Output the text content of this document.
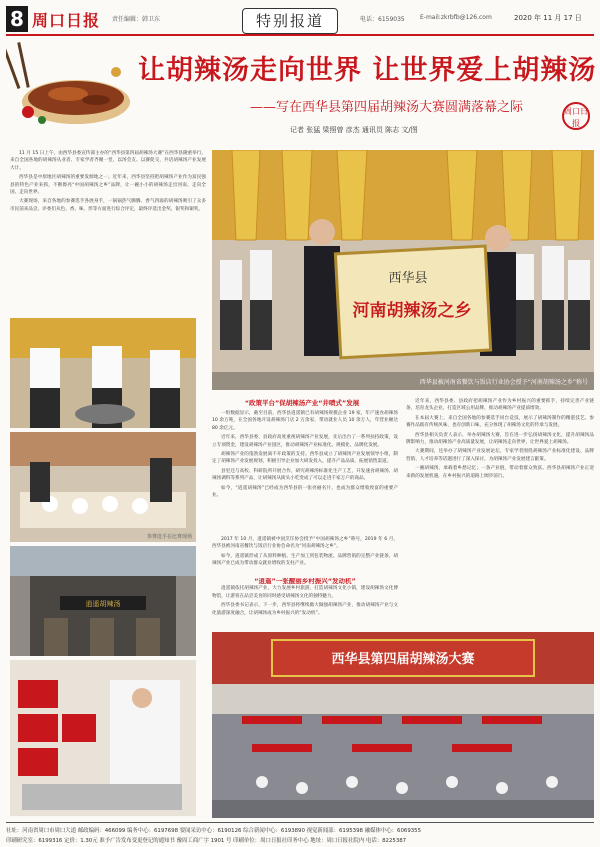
8 周口日报 责任编辑：韩卫东	特别报道	电话：6159035	E-mail:zkrbfb@126.com	2020 年 11 月 17 日
让胡辣汤走向世界 让世界爱上胡辣汤
——写在西华县第四届胡辣汤大赛圆满落幕之际
记者 张猛 梁照曾 彦杰 通讯员 陈志 文/图
周口日报

11 月 15 日上午，由西华县委宣传部主办的“西华县第四届胡辣汤大赛”在西华县隆重举行。来自全国各地的胡辣汤从业者、专家学者齐聚一堂，以汤会友、以赛促交，共话胡辣汤产业发展大计。

西华县是中原地区胡辣汤的重要发源地之一。近年来，西华县坚持把胡辣汤产业作为富民强县的特色产业来抓，不断擦亮“中国胡辣汤之乡”品牌，让一碗小小的胡辣汤走出河南、走向全国、走向世界。

大赛现场，来自各地的参赛选手各展身手，一锅锅热气腾腾、香气四溢的胡辣汤吸引了众多市民前来品尝。评委们从色、香、味、形等方面进行综合评定，最终评选出金奖、银奖和铜奖。

西华县
河南胡辣汤之乡
西华县被河南省餐饮与饭店行业协会授予“河南胡辣汤之乡”称号
参赛选手在比赛现场
逍遥胡辣汤
“政策平台”促胡辣汤产业“井喷式”发展

一组数据显示，截至目前，西华县逍遥镇已有胡辣汤规模企业 19 家，年产速食胡辣汤 10 余万吨，在全国各地开设胡辣汤门店 2 万余家，带动就业人员 10 余万人，年营业额达 80 余亿元。

近年来，西华县委、县政府高度重视胡辣汤产业发展，先后出台了一系列扶持政策，设立专项资金，建设胡辣汤产业园区，推动胡辣汤产业标准化、规模化、品牌化发展。

胡辣汤产业的蓬勃发展离不开政策的支持。西华县成立了胡辣汤产业发展领导小组，制定了胡辣汤产业发展规划，积极引导企业加大研发投入，提升产品品质，拓展销售渠道。

县里还与高校、科研院所开展合作，研究胡辣汤标准化生产工艺，开发速食胡辣汤、胡辣汤调料等系列产品，让胡辣汤从街头小吃变成了可以走进千家万户的商品。

如今，“逍遥胡辣汤”已经成为西华县的一张亮丽名片，也成为群众增收致富的重要产业。

2017 年 10 月，逍遥镇被中国烹饪协会授予“中国胡辣汤之乡”称号，2019 年 6 月，西华县被河南省餐饮与饭店行业协会命名为“河南胡辣汤之乡”。

如今，逍遥镇形成了从原料种植、生产加工到包装物流、品牌营销的完整产业链条，胡辣汤产业已成为带动群众就业增收的支柱产业。

“逍遥”一张靓丽乡村振兴“发动机”

逍遥镇依托胡辣汤产业，大力发展乡村旅游，打造胡辣汤文化小镇，建设胡辣汤文化博物馆，让游客在品尝美食的同时感受胡辣汤文化的独特魅力。

西华县委书记表示，下一步，西华县将继续做大做强胡辣汤产业，推动胡辣汤产业与文化旅游深度融合，让胡辣汤成为乡村振兴的“发动机”。

近年来，西华县委、县政府把胡辣汤产业作为乡村振兴的重要抓手，持续完善产业链条，培育龙头企业，打造区域公用品牌，推动胡辣汤产业提质增效。

在本届大赛上，来自全国各地的参赛选手同台竞技，展示了胡辣汤制作的精湛技艺。参赛作品既有传统风味，也有创新口味，充分体现了胡辣汤文化的传承与发展。

西华县相关负责人表示，举办胡辣汤大赛，旨在进一步弘扬胡辣汤文化，提升胡辣汤品牌影响力，推动胡辣汤产业高质量发展，让胡辣汤走向世界，让世界爱上胡辣汤。

大赛期间，还举办了胡辣汤产业发展论坛，专家学者围绕胡辣汤产业标准化建设、品牌营销、人才培养等话题进行了深入探讨，为胡辣汤产业发展建言献策。

一碗胡辣汤，承载着乡愁记忆；一条产业链，带动着群众致富。西华县胡辣汤产业正迎来新的发展机遇，在乡村振兴的道路上阔步前行。

西华县第四届胡辣汤大赛
社址：河南省周口市周口大道 邮政编码：466099 编务中心：6197698 要闻采访中心：6190126 综合新闻中心：6193890 视觉新闻部：6195398 融媒体中心：6069355
印刷研究室：6199316 定价：1.30元 准予广告发布变更登记的通知书 豫周工商广字 1901 号 印刷单位：周口日报社印务中心 地址：周口日报社院内 电话：8225387
